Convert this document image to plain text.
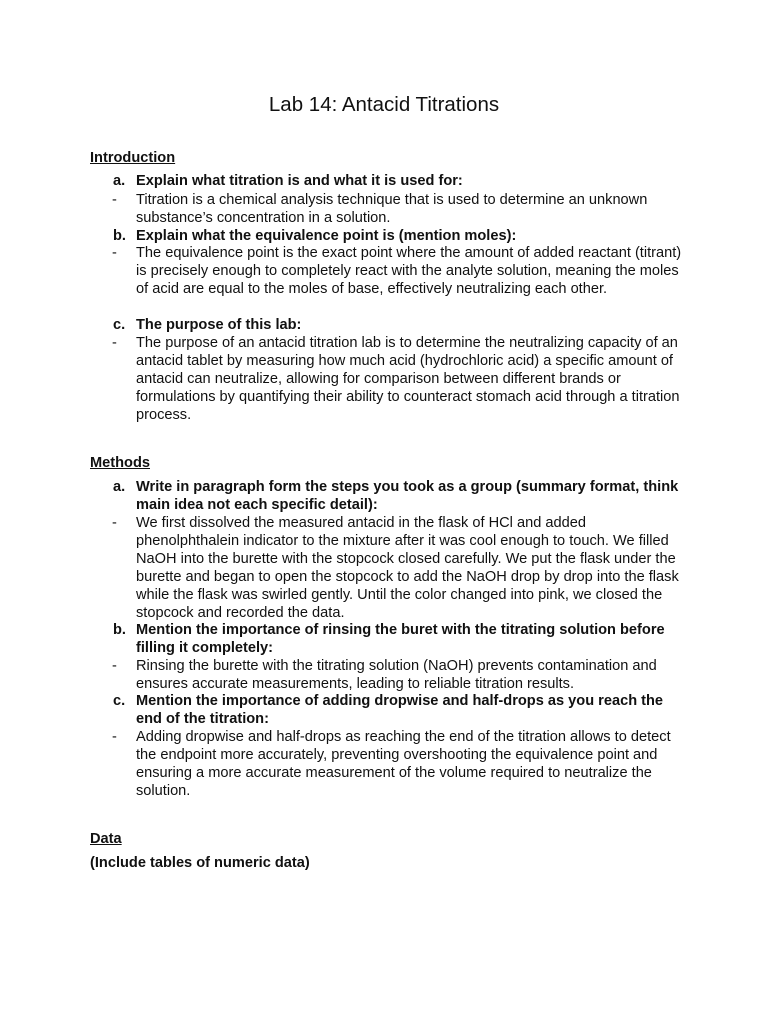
Lab 14: Antacid Titrations
Introduction
a. Explain what titration is and what it is used for:
- Titration is a chemical analysis technique that is used to determine an unknown substance’s concentration in a solution.
b. Explain what the equivalence point is (mention moles):
- The equivalence point is the exact point where the amount of added reactant (titrant) is precisely enough to completely react with the analyte solution, meaning the moles of acid are equal to the moles of base, effectively neutralizing each other.
c. The purpose of this lab:
- The purpose of an antacid titration lab is to determine the neutralizing capacity of an antacid tablet by measuring how much acid (hydrochloric acid) a specific amount of antacid can neutralize, allowing for comparison between different brands or formulations by quantifying their ability to counteract stomach acid through a titration process.
Methods
a. Write in paragraph form the steps you took as a group (summary format, think main idea not each specific detail):
- We first dissolved the measured antacid in the flask of HCl and added phenolphthalein indicator to the mixture after it was cool enough to touch. We filled NaOH into the burette with the stopcock closed carefully. We put the flask under the burette and began to open the stopcock to add the NaOH drop by drop into the flask while the flask was swirled gently. Until the color changed into pink, we closed the stopcock and recorded the data.
b. Mention the importance of rinsing the buret with the titrating solution before filling it completely:
- Rinsing the burette with the titrating solution (NaOH) prevents contamination and ensures accurate measurements, leading to reliable titration results.
c. Mention the importance of adding dropwise and half-drops as you reach the end of the titration:
- Adding dropwise and half-drops as reaching the end of the titration allows to detect the endpoint more accurately, preventing overshooting the equivalence point and ensuring a more accurate measurement of the volume required to neutralize the solution.
Data
(Include tables of numeric data)
